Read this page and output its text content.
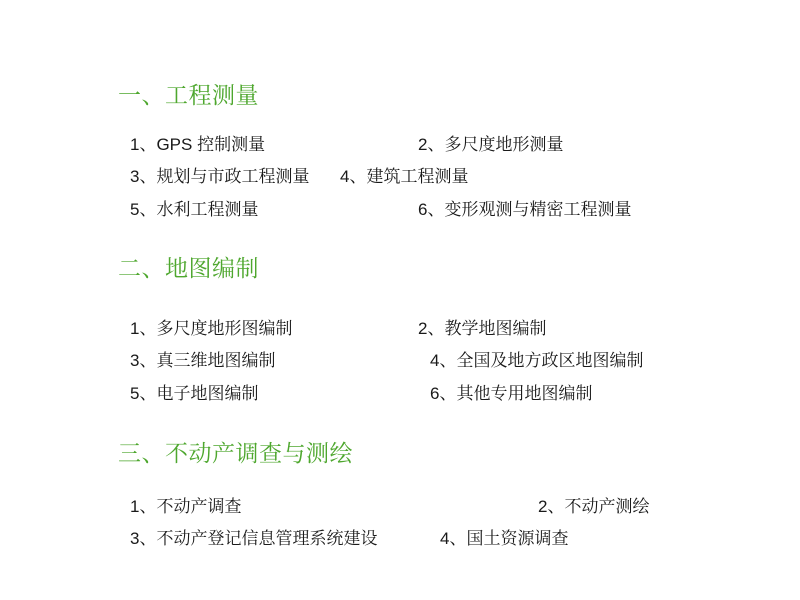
一、工程测量
1、GPS 控制测量	2、多尺度地形测量
3、规划与市政工程测量	4、建筑工程测量
5、水利工程测量	6、变形观测与精密工程测量
二、地图编制
1、多尺度地形图编制	2、教学地图编制
3、真三维地图编制	4、全国及地方政区地图编制
5、电子地图编制	6、其他专用地图编制
三、不动产调查与测绘
1、不动产调查	2、不动产测绘
3、不动产登记信息管理系统建设	4、国土资源调查
